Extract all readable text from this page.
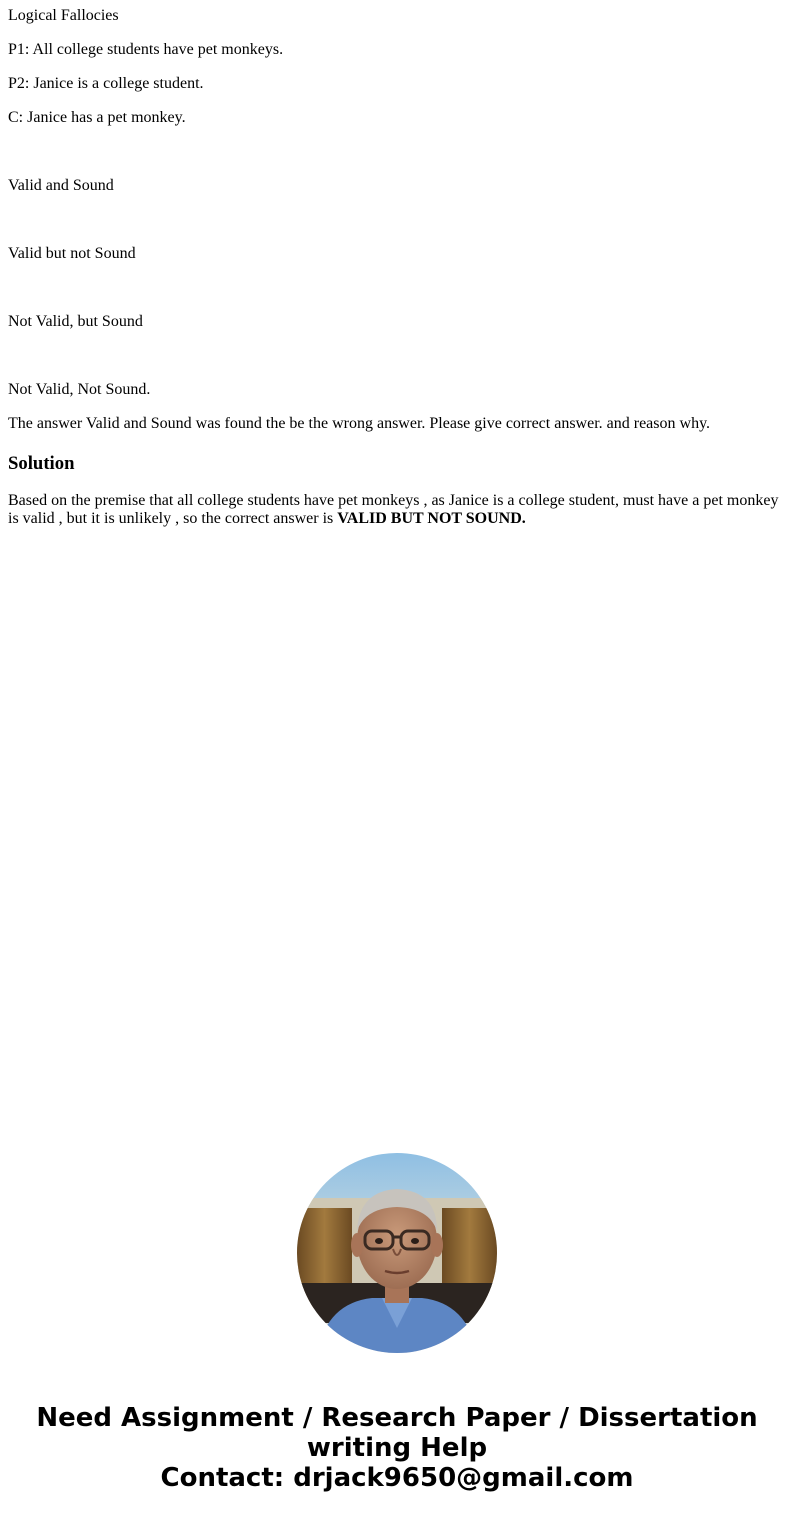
Logical Fallocies

P1: All college students have pet monkeys.

P2: Janice is a college student.

C: Janice has a pet monkey.

Valid and Sound

Valid but not Sound

Not Valid, but Sound

Not Valid, Not Sound.

The answer Valid and Sound was found the be the wrong answer. Please give correct answer. and reason why.

Solution

Based on the premise that all college students have pet monkeys , as Janice is a college student, must have a pet monkey is valid , but it is unlikely , so the correct answer is VALID BUT NOT SOUND.

Need Assignment / Research Paper / Dissertation writing Help
Contact: drjack9650@gmail.com
